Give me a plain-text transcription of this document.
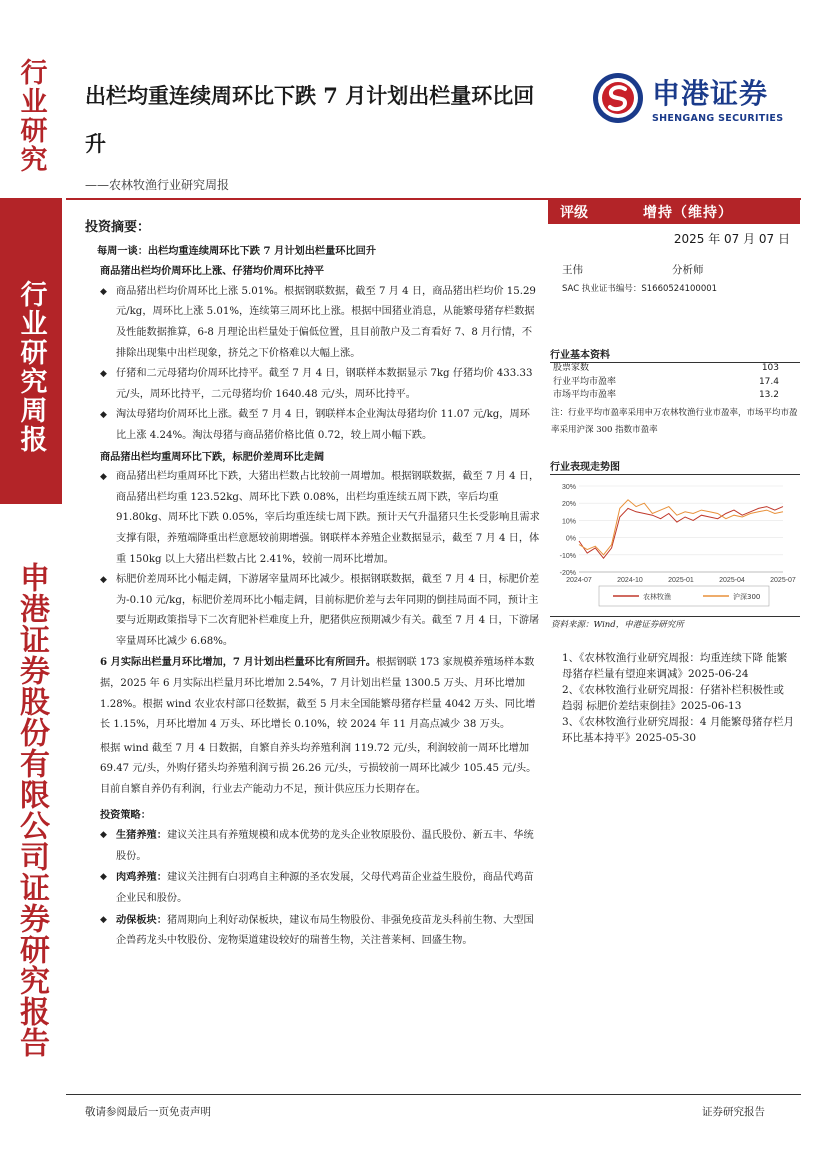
行业研究
行业研究周报
申港证券股份有限公司证券研究报告
出栏均重连续周环比下跌 7 月计划出栏量环比回升
——农林牧渔行业研究周报
申港证券
SHENGANG SECURITIES
评级	增持（维持）
2025 年 07 月 07 日
王伟	分析师
SAC 执业证书编号：S1660524100001
行业基本资料
股票家数	103
行业平均市盈率	17.4
市场平均市盈率	13.2
注：行业平均市盈率采用申万农林牧渔行业市盈率，市场平均市盈率采用沪深 300 指数市盈率
行业表现走势图
30%
20%
10%
0%
-10%
-20%
2024-07	2024-10	2025-01	2025-04	2025-07
农林牧渔	沪深300
资料来源：Wind，申港证券研究所
1、《农林牧渔行业研究周报：均重连续下降 能繁母猪存栏量有望迎来调减》2025-06-24
2、《农林牧渔行业研究周报：仔猪补栏积极性或趋弱 标肥价差结束倒挂》2025-06-13
3、《农林牧渔行业研究周报：4 月能繁母猪存栏月环比基本持平》2025-05-30
投资摘要：
每周一谈：出栏均重连续周环比下跌 7 月计划出栏量环比回升
商品猪出栏均价周环比上涨、仔猪均价周环比持平
◆ 商品猪出栏均价周环比上涨 5.01%。根据钢联数据，截至 7 月 4 日，商品猪出栏均价 15.29 元/kg，周环比上涨 5.01%，连续第三周环比上涨。根据中国猪业消息，从能繁母猪存栏数据及性能数据推算，6-8 月理论出栏量处于偏低位置，且目前散户及二育看好 7、8 月行情，不排除出现集中出栏现象，挤兑之下价格难以大幅上涨。
◆ 仔猪和二元母猪均价周环比持平。截至 7 月 4 日，钢联样本数据显示 7kg 仔猪均价 433.33 元/头，周环比持平，二元母猪均价 1640.48 元/头，周环比持平。
◆ 淘汰母猪均价周环比上涨。截至 7 月 4 日，钢联样本企业淘汰母猪均价 11.07 元/kg，周环比上涨 4.24%。淘汰母猪与商品猪价格比值 0.72，较上周小幅下跌。
商品猪出栏均重周环比下跌，标肥价差周环比走阔
◆ 商品猪出栏均重周环比下跌，大猪出栏数占比较前一周增加。根据钢联数据，截至 7 月 4 日，商品猪出栏均重 123.52kg、周环比下跌 0.08%，出栏均重连续五周下跌，宰后均重 91.80kg、周环比下跌 0.05%，宰后均重连续七周下跌。预计天气升温猪只生长受影响且需求支撑有限，养殖端降重出栏意愿较前期增强。钢联样本养殖企业数据显示，截至 7 月 4 日，体重 150kg 以上大猪出栏数占比 2.41%，较前一周环比增加。
◆ 标肥价差周环比小幅走阔，下游屠宰量周环比减少。根据钢联数据，截至 7 月 4 日，标肥价差为-0.10 元/kg，标肥价差周环比小幅走阔，目前标肥价差与去年同期的倒挂局面不同，预计主要与近期政策指导下二次育肥补栏难度上升，肥猪供应预期减少有关。截至 7 月 4 日，下游屠宰量周环比减少 6.68%。
6 月实际出栏量月环比增加，7 月计划出栏量环比有所回升。根据钢联 173 家规模养殖场样本数据，2025 年 6 月实际出栏量月环比增加 2.54%，7 月计划出栏量 1300.5 万头、月环比增加 1.28%。根据 wind 农业农村部口径数据，截至 5 月末全国能繁母猪存栏量 4042 万头、同比增长 1.15%，月环比增加 4 万头、环比增长 0.10%，较 2024 年 11 月高点减少 38 万头。
根据 wind 截至 7 月 4 日数据，自繁自养头均养殖利润 119.72 元/头，利润较前一周环比增加 69.47 元/头，外购仔猪头均养殖利润亏损 26.26 元/头，亏损较前一周环比减少 105.45 元/头。目前自繁自养仍有利润，行业去产能动力不足，预计供应压力长期存在。
投资策略：
◆ 生猪养殖：建议关注具有养殖规模和成本优势的龙头企业牧原股份、温氏股份、新五丰、华统股份。
◆ 肉鸡养殖：建议关注拥有白羽鸡自主种源的圣农发展，父母代鸡苗企业益生股份，商品代鸡苗企业民和股份。
◆ 动保板块：猪周期向上利好动保板块，建议布局生物股份、非强免疫苗龙头科前生物、大型国企兽药龙头中牧股份、宠物渠道建设较好的瑞普生物，关注普莱柯、回盛生物。
敬请参阅最后一页免责声明	证券研究报告
